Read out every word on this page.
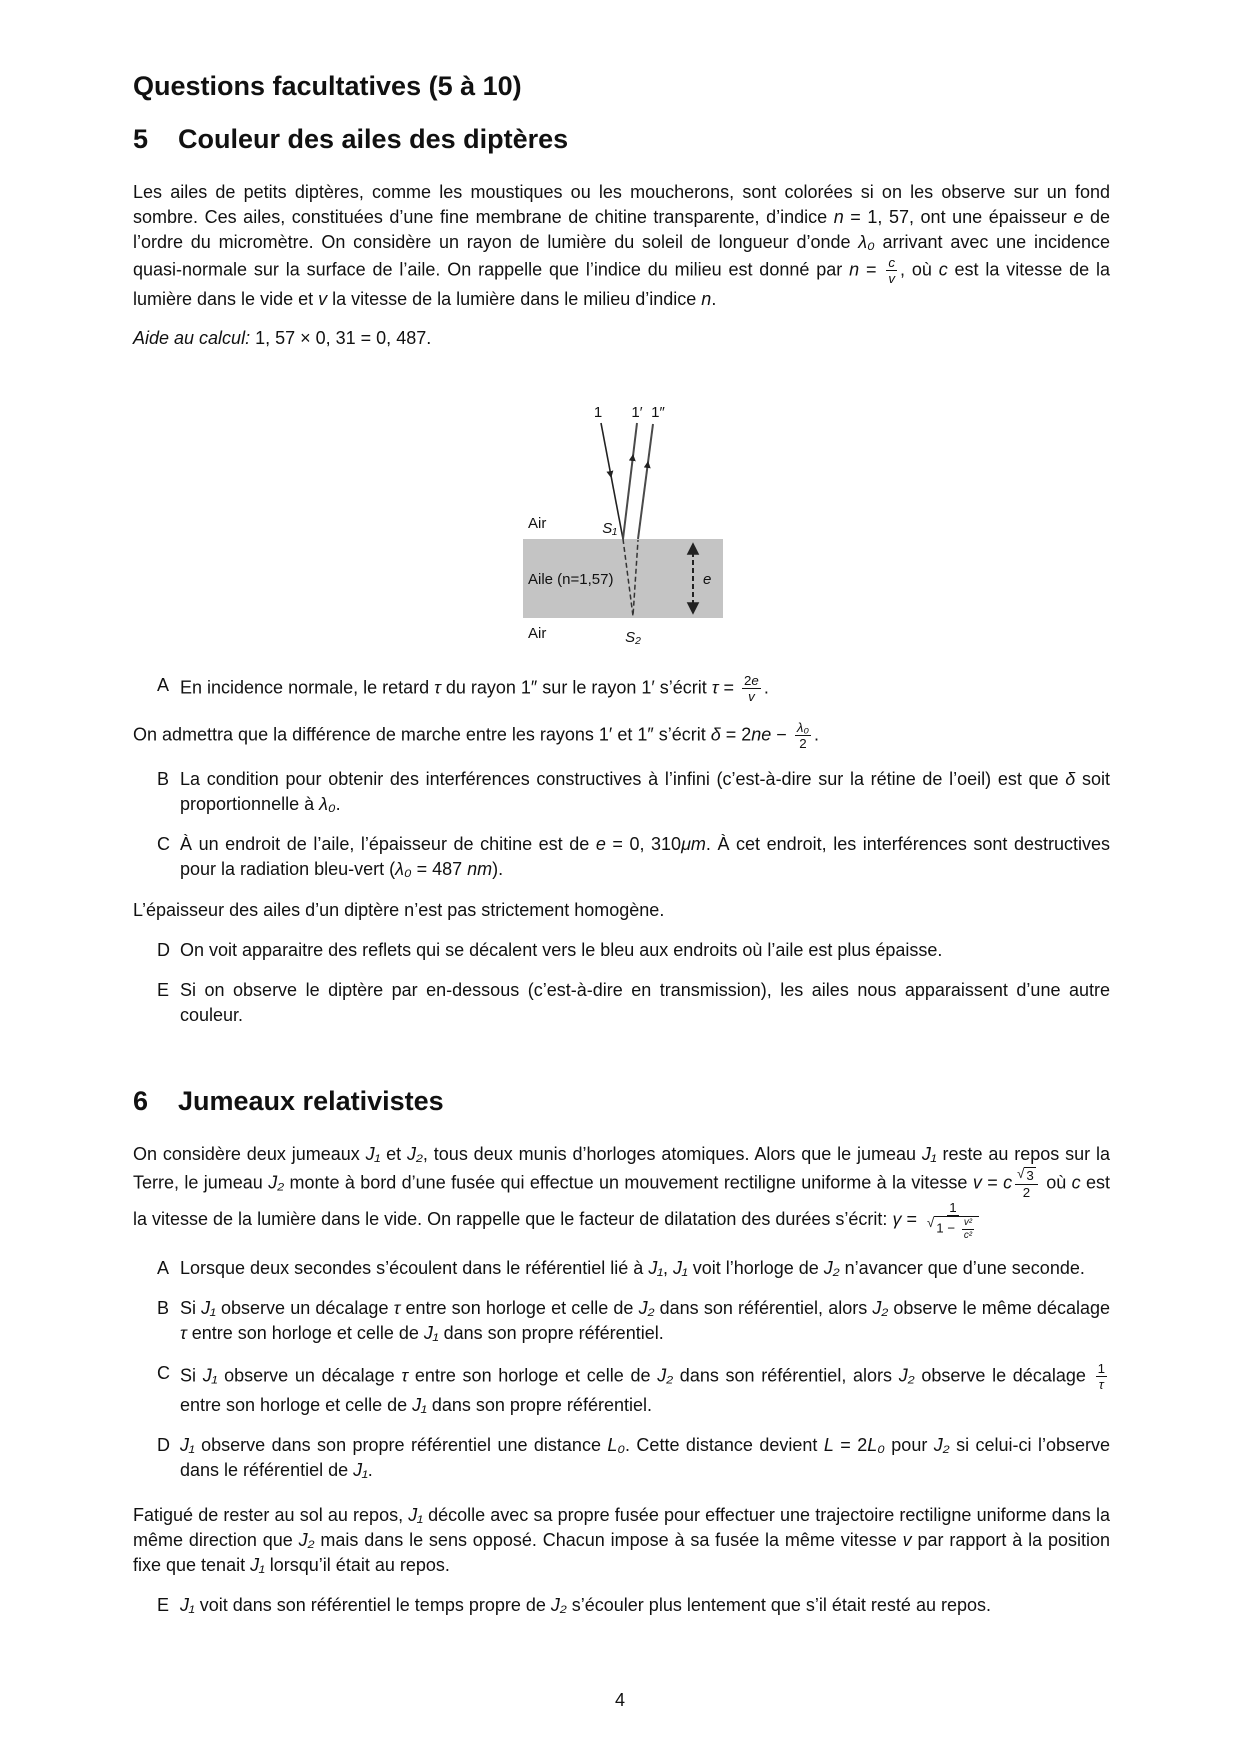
Questions facultatives (5 à 10)
5 Couleur des ailes des diptères

Les ailes de petits diptères, comme les moustiques ou les moucherons, sont colorées si on les observe sur un fond sombre. Ces ailes, constituées d’une fine membrane de chitine transparente, d’indice n = 1, 57, ont une épaisseur e de l’ordre du micromètre. On considère un rayon de lumière du soleil de longueur d’onde λ₀ arrivant avec une incidence quasi-normale sur la surface de l’aile. On rappelle que l’indice du milieu est donné par $n = \frac{c}{v}$ , où c est la vitesse de la lumière dans le vide et v la vitesse de la lumière dans le milieu d’indice n.

Aide au calcul: 1, 57 × 0, 31 = 0, 487.

1 1′ 1″
Air	S₁
Aile (n=1,57)	e
Air	S₂
A En incidence normale, le retard τ du rayon 1″ sur le rayon 1′ s’écrit $\tau = \frac{2e}{v}$ .

On admettra que la différence de marche entre les rayons 1′ et 1″ s’écrit $\delta = 2ne - \frac{\text{λ₀}}{2}$ .

B La condition pour obtenir des interférences constructives à l’infini (c’est-à-dire sur la rétine de l’oeil) est que δ soit proportionnelle à λ₀.
C À un endroit de l’aile, l’épaisseur de chitine est de e = 0, 310μm. À cet endroit, les interférences sont destructives pour la radiation bleu-vert (λ₀ = 487 nm).

L’épaisseur des ailes d’un diptère n’est pas strictement homogène.

D On voit apparaitre des reflets qui se décalent vers le bleu aux endroits où l’aile est plus épaisse.
E Si on observe le diptère par en-dessous (c’est-à-dire en transmission), les ailes nous apparaissent d’une autre couleur.
6 Jumeaux relativistes

On considère deux jumeaux J₁ et J₂, tous deux munis d’horloges atomiques. Alors que le jumeau J₁ reste au repos sur la Terre, le jumeau J₂ monte à bord d’une fusée qui effectue un mouvement rectiligne uniforme à la vitesse v = c $\frac{√ 3}{2}$ où c est la vitesse de la lumière dans le vide. On rappelle que le facteur de dilatation des durées s’écrit: $\gamma = \frac{1}{√ 1 - \frac{\text{v²}}{\text{c²}}}$

A Lorsque deux secondes s’écoulent dans le référentiel lié à J₁, J₁ voit l’horloge de J₂ n’avancer que d’une seconde.
B Si J₁ observe un décalage τ entre son horloge et celle de J₂ dans son référentiel, alors J₂ observe le même décalage τ entre son horloge et celle de J₁ dans son propre référentiel.
C Si J₁ observe un décalage τ entre son horloge et celle de J₂ dans son référentiel, alors J₂ observe le décalage $\frac{1}{\tau}$
entre son horloge et celle de J₁ dans son propre référentiel.
D J₁ observe dans son propre référentiel une distance L₀. Cette distance devient L = 2L₀ pour J₂ si celui-ci l’observe dans le référentiel de J₁.

Fatigué de rester au sol au repos, J₁ décolle avec sa propre fusée pour effectuer une trajectoire rectiligne uniforme dans la même direction que J₂ mais dans le sens opposé. Chacun impose à sa fusée la même vitesse v par rapport à la position fixe que tenait J₁ lorsqu’il était au repos.

E J₁ voit dans son référentiel le temps propre de J₂ s’écouler plus lentement que s’il était resté au repos.
4
